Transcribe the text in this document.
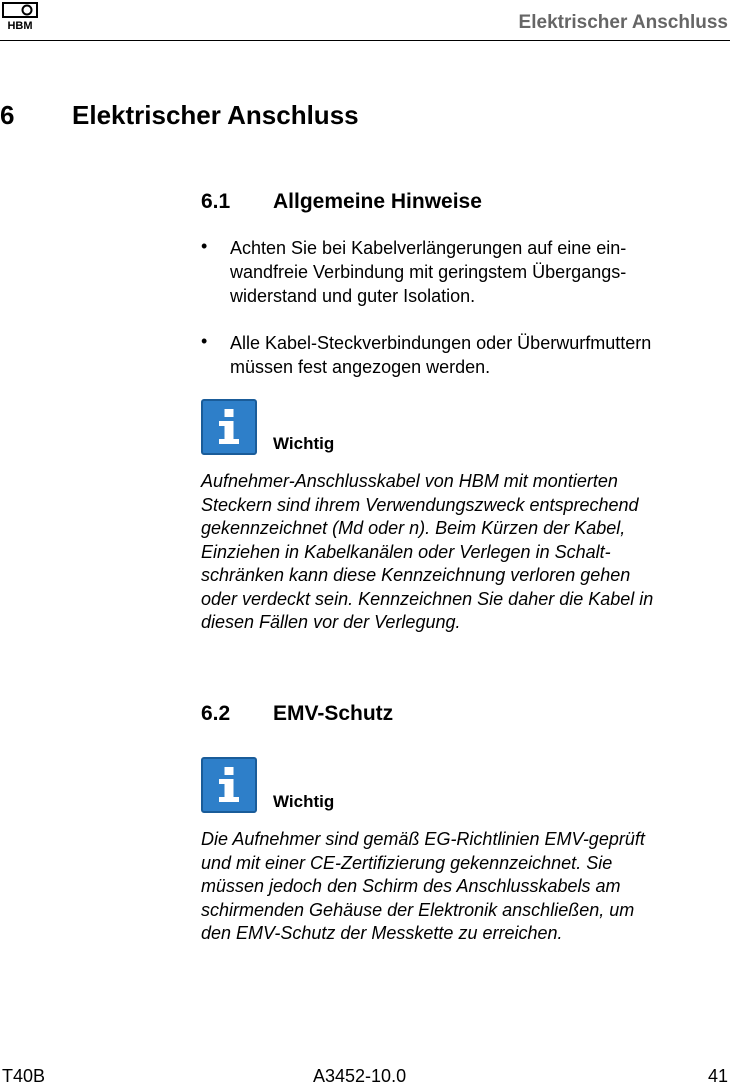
HBM	Elektrischer Anschluss
6 Elektrischer Anschluss
6.1 Allgemeine Hinweise
• Achten Sie bei Kabelverlängerungen auf eine ein-
wandfreie Verbindung mit geringstem Übergangs-
widerstand und guter Isolation.
• Alle Kabel-Steckverbindungen oder Überwurfmuttern
müssen fest angezogen werden.
Wichtig
Aufnehmer-Anschlusskabel von HBM mit montierten
Steckern sind ihrem Verwendungszweck entsprechend
gekennzeichnet (Md oder n). Beim Kürzen der Kabel,
Einziehen in Kabelkanälen oder Verlegen in Schalt-
schränken kann diese Kennzeichnung verloren gehen
oder verdeckt sein. Kennzeichnen Sie daher die Kabel in
diesen Fällen vor der Verlegung.
6.2 EMV-Schutz
Wichtig
Die Aufnehmer sind gemäß EG-Richtlinien EMV-geprüft
und mit einer CE-Zertifizierung gekennzeichnet. Sie
müssen jedoch den Schirm des Anschlusskabels am
schirmenden Gehäuse der Elektronik anschließen, um
den EMV-Schutz der Messkette zu erreichen.
T40B	A3452-10.0	41
